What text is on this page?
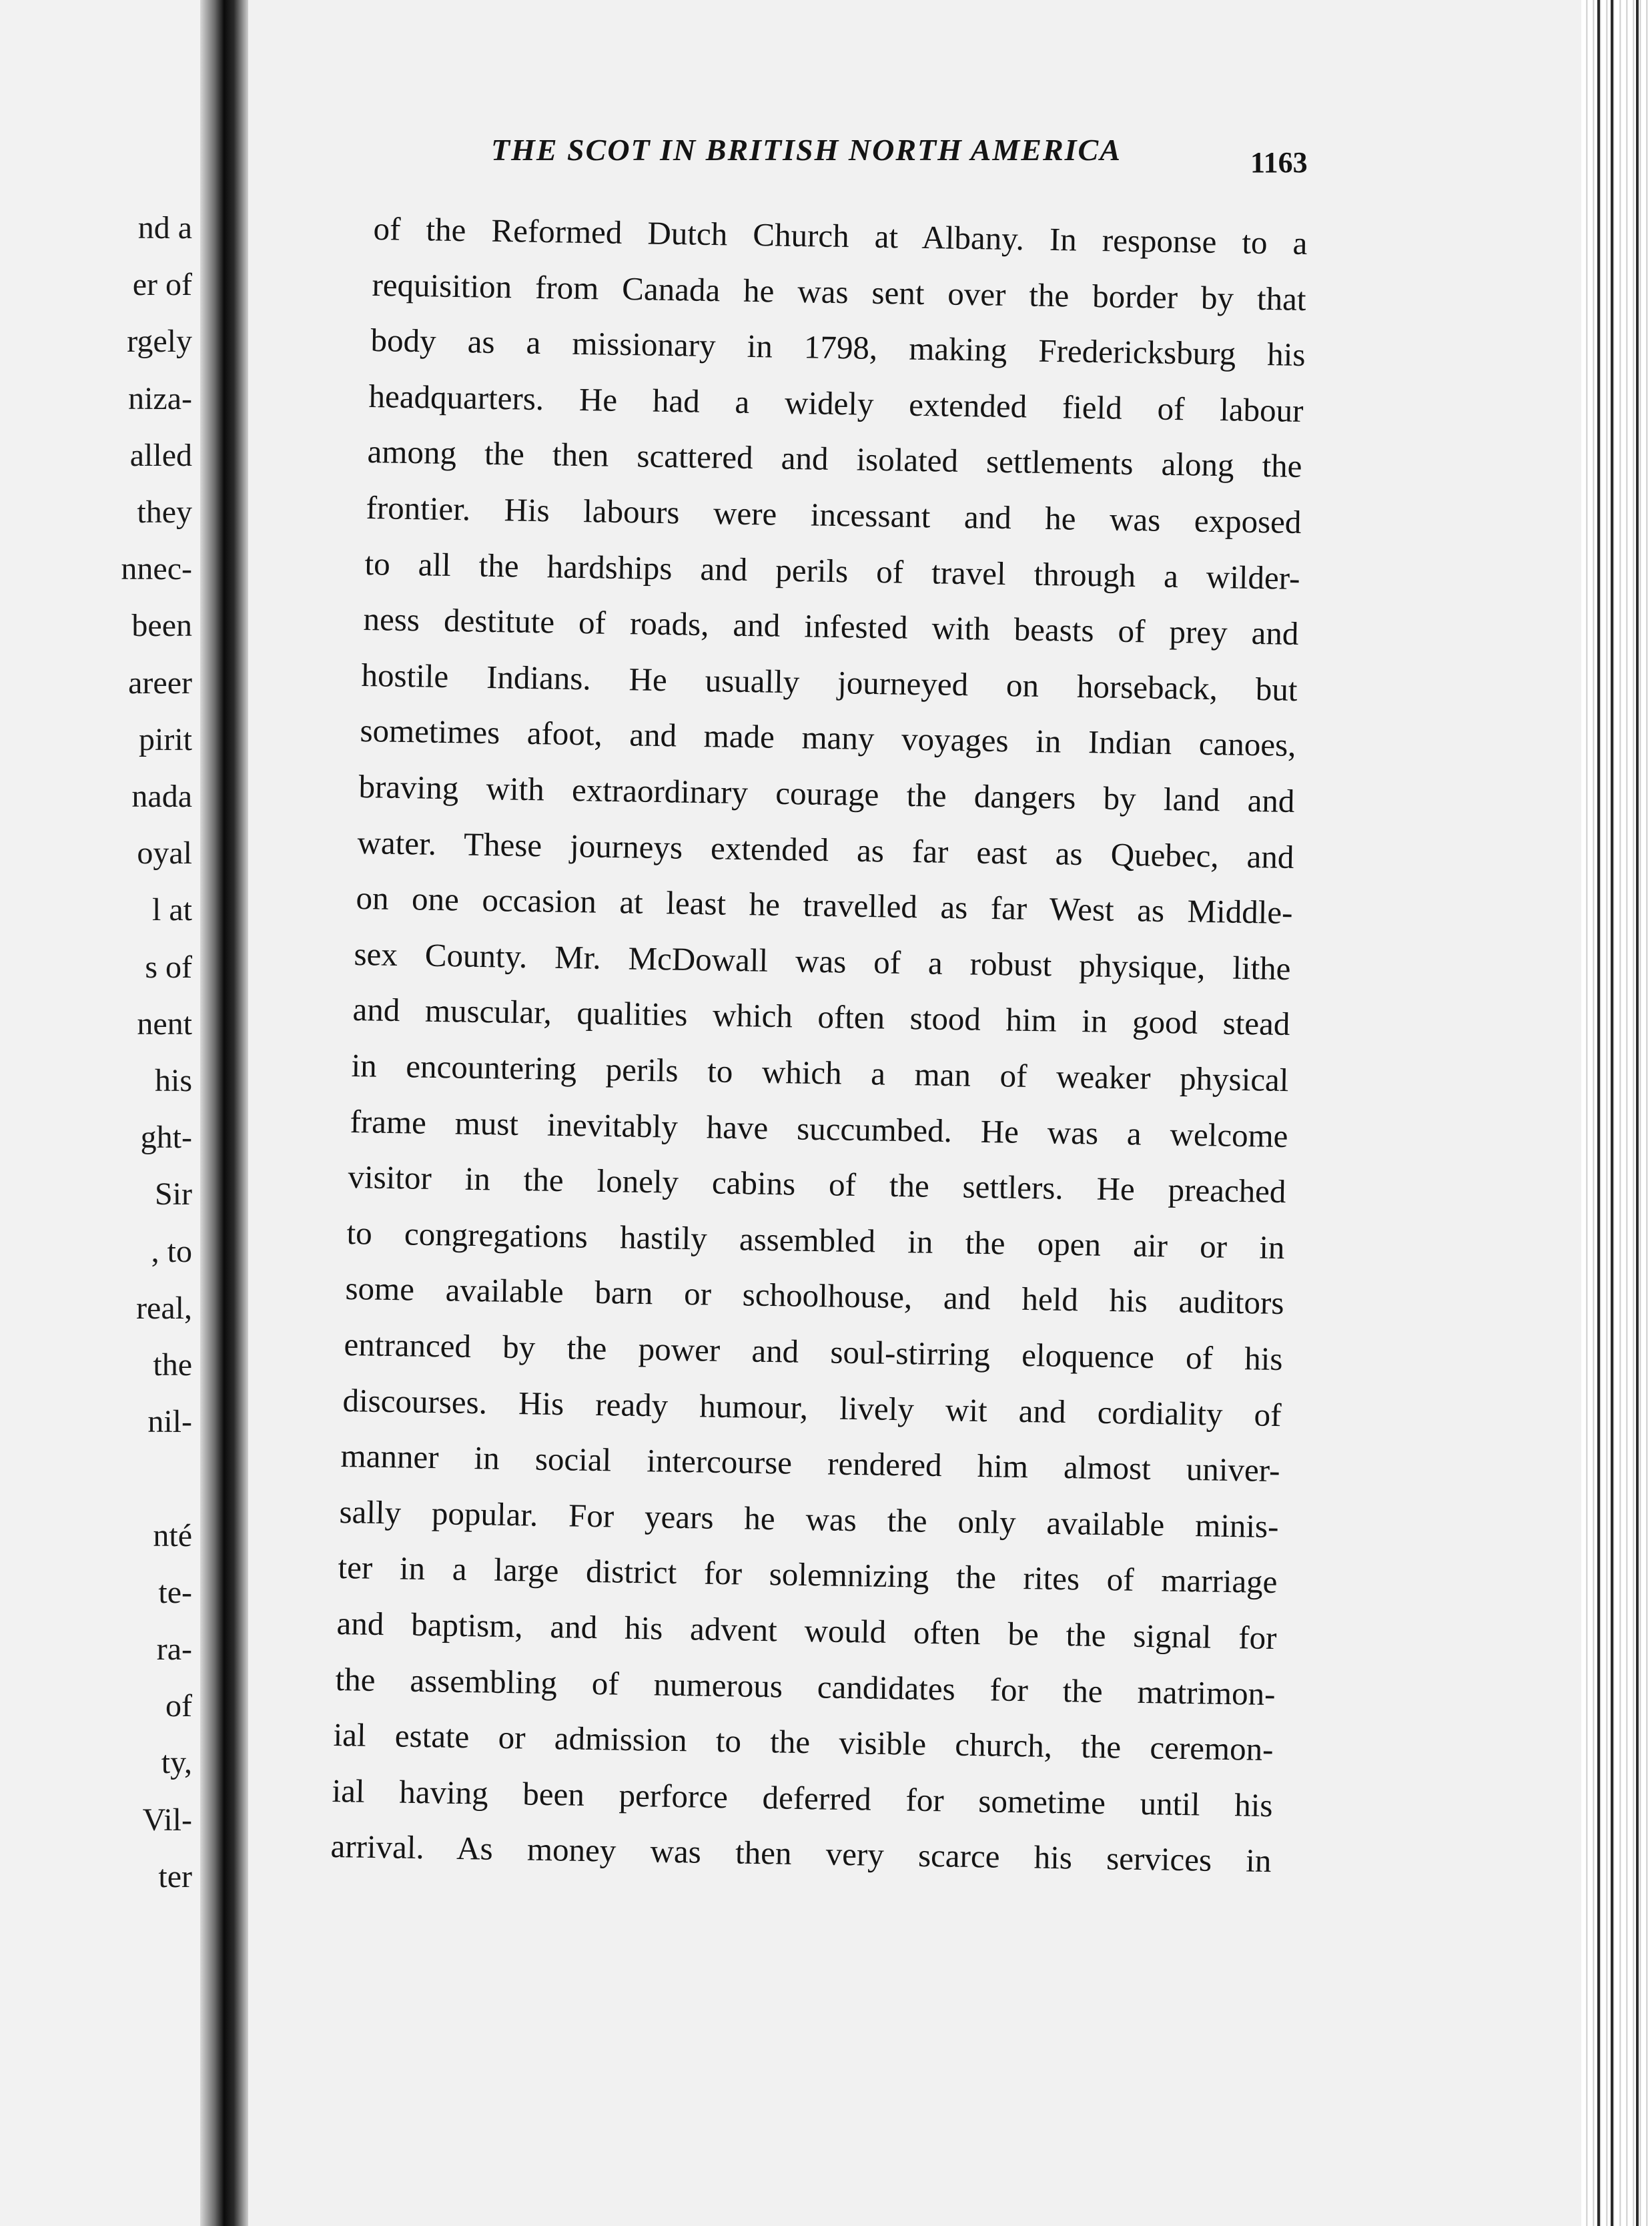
nd a
er of
rgely
niza-
alled
they
nnec-
been
areer
pirit
nada
oyal
l at
s of
nent
his
ght-
Sir
, to
real,
the
nil-
nté
te-
ra-
of
ty,
Vil-
ter
THE SCOT IN BRITISH NORTH AMERICA	1163
of the Reformed Dutch Church at Albany. In response to a
requisition from Canada he was sent over the border by that
body as a missionary in 1798, making Fredericksburg his
headquarters. He had a widely extended field of labour
among the then scattered and isolated settlements along the
frontier. His labours were incessant and he was exposed
to all the hardships and perils of travel through a wilder-
ness destitute of roads, and infested with beasts of prey and
hostile Indians. He usually journeyed on horseback, but
sometimes afoot, and made many voyages in Indian canoes,
braving with extraordinary courage the dangers by land and
water. These journeys extended as far east as Quebec, and
on one occasion at least he travelled as far West as Middle-
sex County. Mr. McDowall was of a robust physique, lithe
and muscular, qualities which often stood him in good stead
in encountering perils to which a man of weaker physical
frame must inevitably have succumbed. He was a welcome
visitor in the lonely cabins of the settlers. He preached
to congregations hastily assembled in the open air or in
some available barn or schoolhouse, and held his auditors
entranced by the power and soul-stirring eloquence of his
discourses. His ready humour, lively wit and cordiality of
manner in social intercourse rendered him almost univer-
sally popular. For years he was the only available minis-
ter in a large district for solemnizing the rites of marriage
and baptism, and his advent would often be the signal for
the assembling of numerous candidates for the matrimon-
ial estate or admission to the visible church, the ceremon-
ial having been perforce deferred for sometime until his
arrival. As money was then very scarce his services in
